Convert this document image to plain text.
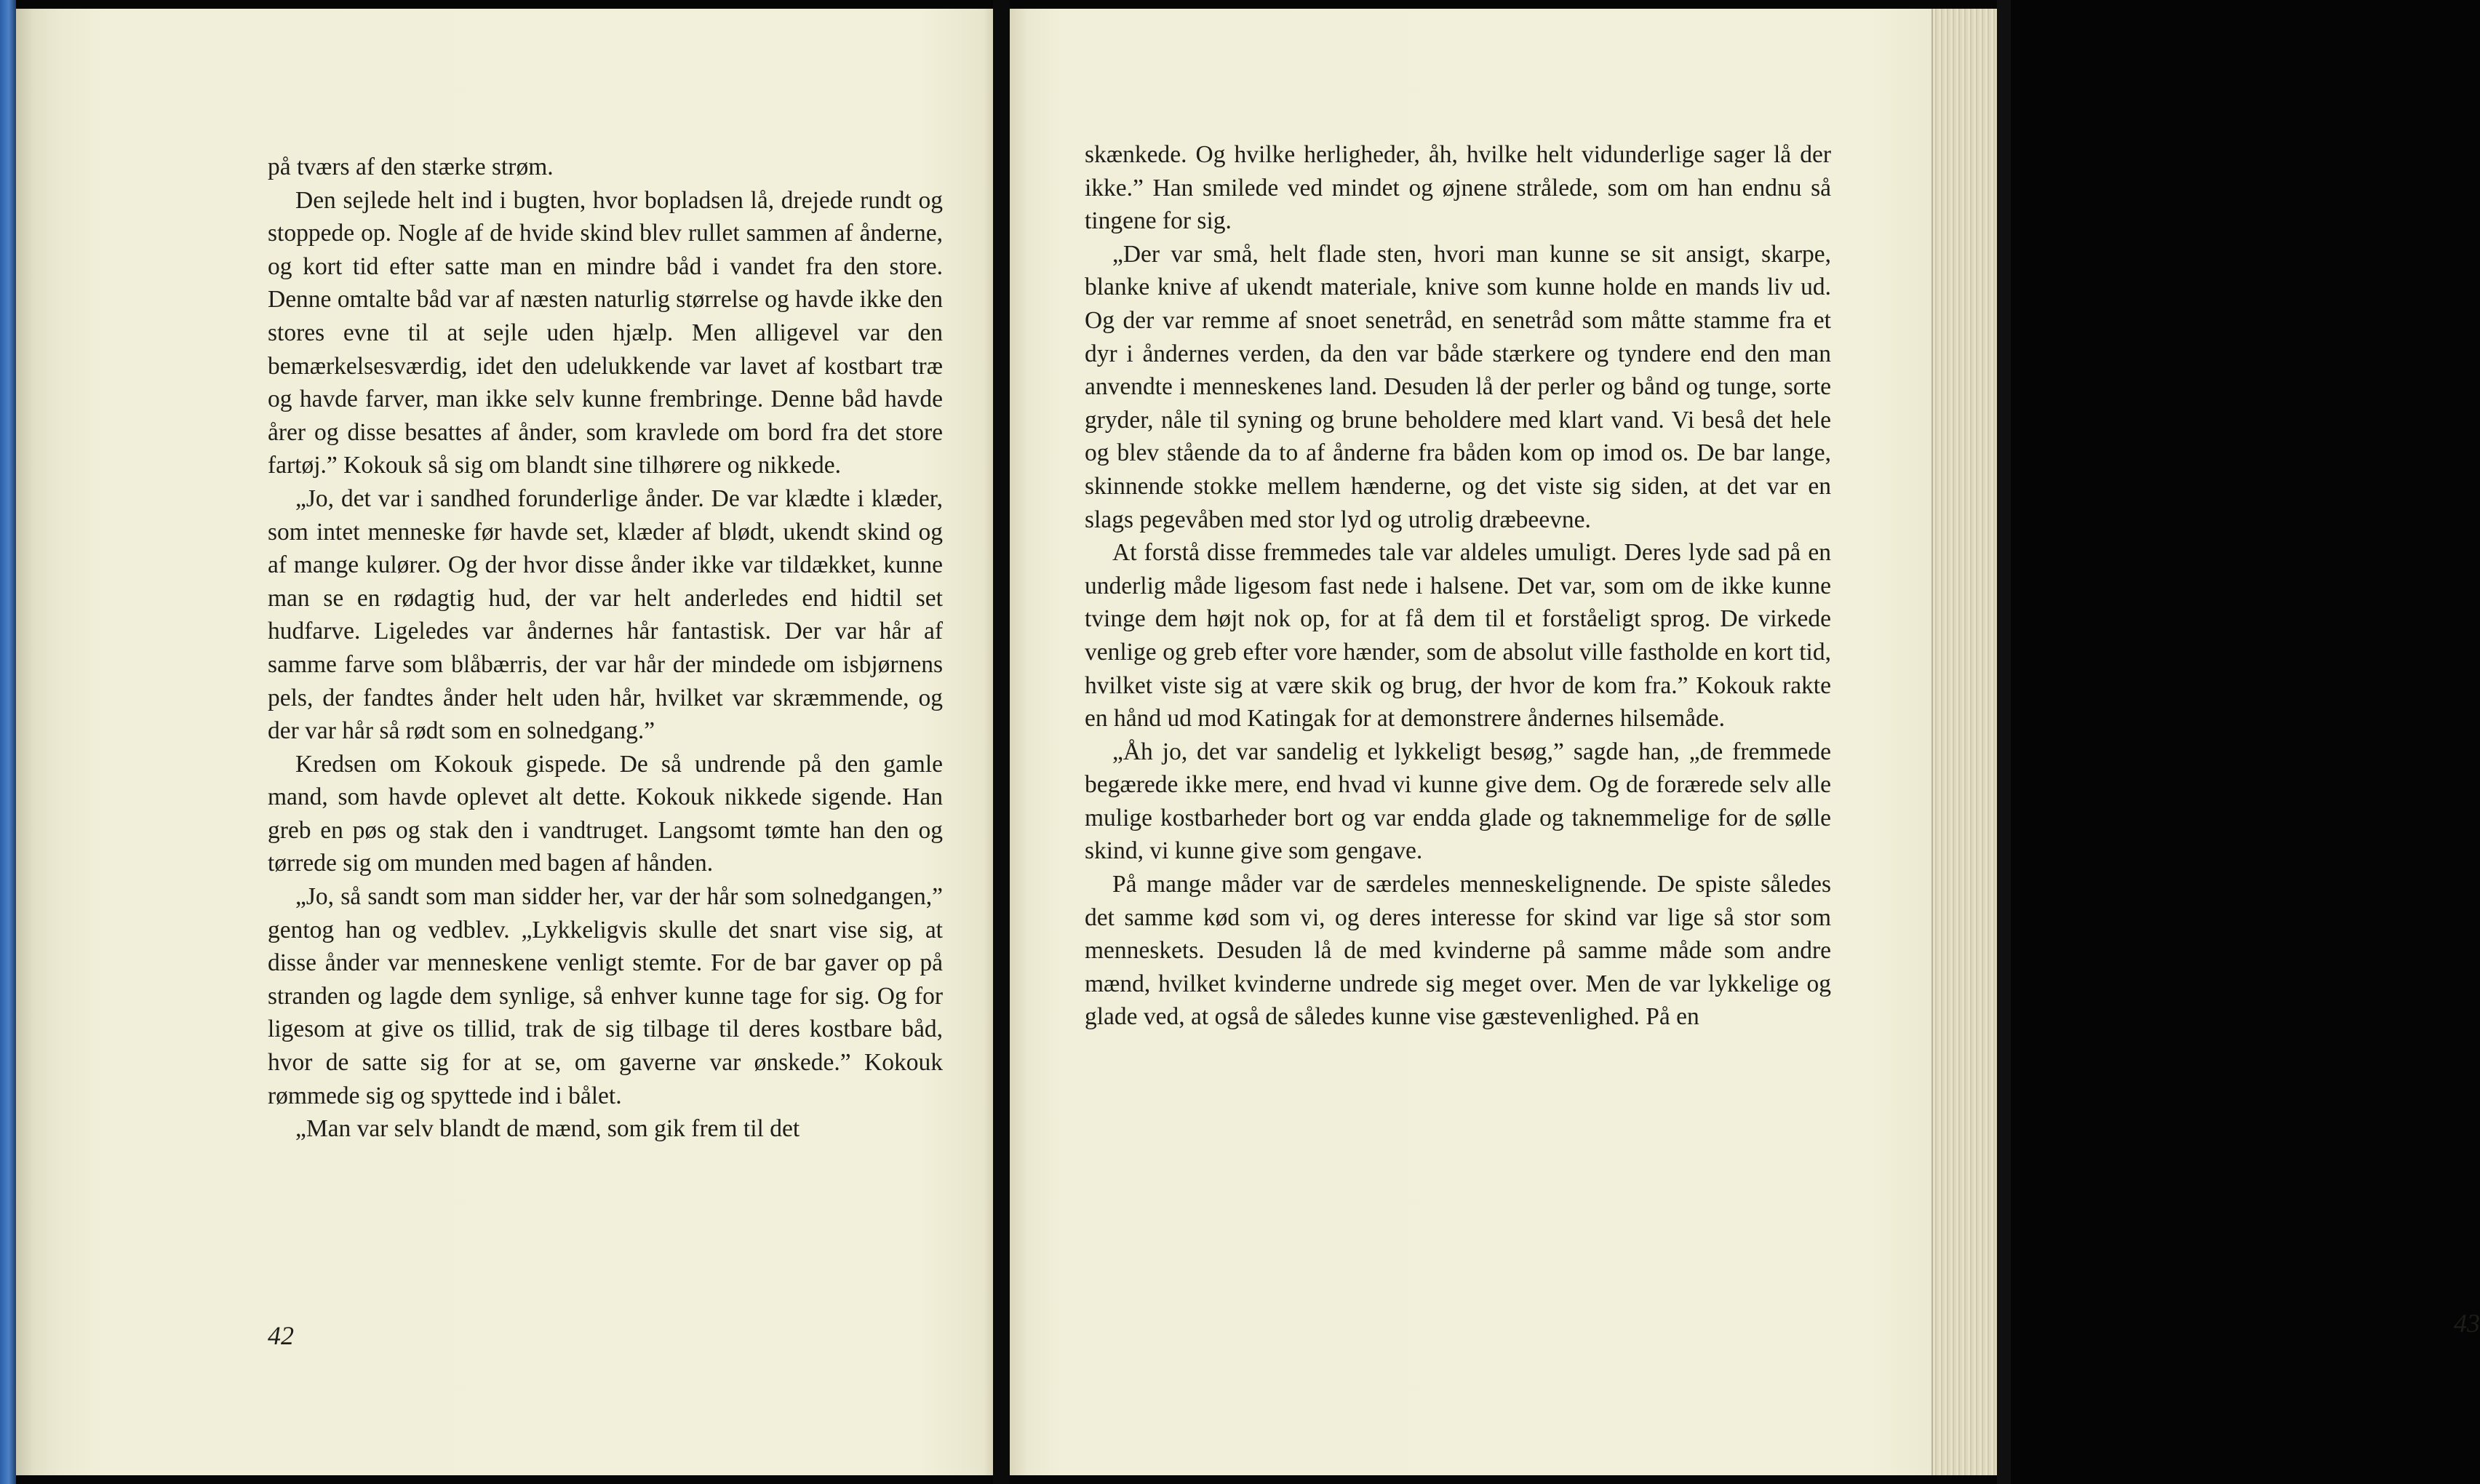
på tværs af den stærke strøm.

Den sejlede helt ind i bugten, hvor bopladsen lå, drejede rundt og stoppede op. Nogle af de hvide skind blev rullet sammen af ånderne, og kort tid efter satte man en mindre båd i vandet fra den store. Denne omtalte båd var af næsten naturlig størrelse og havde ikke den stores evne til at sejle uden hjælp. Men alligevel var den bemærkelsesværdig, idet den udelukkende var lavet af kostbart træ og havde farver, man ikke selv kunne frembringe. Denne båd havde årer og disse besattes af ånder, som kravlede om bord fra det store fartøj.” Kokouk så sig om blandt sine tilhørere og nikkede.

„Jo, det var i sandhed forunderlige ånder. De var klædte i klæder, som intet menneske før havde set, klæder af blødt, ukendt skind og af mange kulører. Og der hvor disse ånder ikke var tildækket, kunne man se en rødagtig hud, der var helt anderledes end hidtil set hudfarve. Ligeledes var åndernes hår fantastisk. Der var hår af samme farve som blåbærris, der var hår der mindede om isbjørnens pels, der fandtes ånder helt uden hår, hvilket var skræmmende, og der var hår så rødt som en solnedgang.”

Kredsen om Kokouk gispede. De så undrende på den gamle mand, som havde oplevet alt dette. Kokouk nikkede sigende. Han greb en pøs og stak den i vandtruget. Langsomt tømte han den og tørrede sig om munden med bagen af hånden.

„Jo, så sandt som man sidder her, var der hår som solnedgangen,” gentog han og vedblev. „Lykkeligvis skulle det snart vise sig, at disse ånder var menneskene venligt stemte. For de bar gaver op på stranden og lagde dem synlige, så enhver kunne tage for sig. Og for ligesom at give os tillid, trak de sig tilbage til deres kostbare båd, hvor de satte sig for at se, om gaverne var ønskede.” Kokouk rømmede sig og spyttede ind i bålet.

„Man var selv blandt de mænd, som gik frem til det

42

skænkede. Og hvilke herligheder, åh, hvilke helt vidunderlige sager lå der ikke.” Han smilede ved mindet og øjnene strålede, som om han endnu så tingene for sig.

„Der var små, helt flade sten, hvori man kunne se sit ansigt, skarpe, blanke knive af ukendt materiale, knive som kunne holde en mands liv ud. Og der var remme af snoet senetråd, en senetråd som måtte stamme fra et dyr i åndernes verden, da den var både stærkere og tyndere end den man anvendte i menneskenes land. Desuden lå der perler og bånd og tunge, sorte gryder, nåle til syning og brune beholdere med klart vand. Vi beså det hele og blev stående da to af ånderne fra båden kom op imod os. De bar lange, skinnende stokke mellem hænderne, og det viste sig siden, at det var en slags pegevåben med stor lyd og utrolig dræbeevne.

At forstå disse fremmedes tale var aldeles umuligt. Deres lyde sad på en underlig måde ligesom fast nede i halsene. Det var, som om de ikke kunne tvinge dem højt nok op, for at få dem til et forståeligt sprog. De virkede venlige og greb efter vore hænder, som de absolut ville fastholde en kort tid, hvilket viste sig at være skik og brug, der hvor de kom fra.” Kokouk rakte en hånd ud mod Katingak for at demonstrere åndernes hilsemåde.

„Åh jo, det var sandelig et lykkeligt besøg,” sagde han, „de fremmede begærede ikke mere, end hvad vi kunne give dem. Og de forærede selv alle mulige kostbarheder bort og var endda glade og taknemmelige for de sølle skind, vi kunne give som gengave.

På mange måder var de særdeles menneskelignende. De spiste således det samme kød som vi, og deres interesse for skind var lige så stor som menneskets. Desuden lå de med kvinderne på samme måde som andre mænd, hvilket kvinderne undrede sig meget over. Men de var lykkelige og glade ved, at også de således kunne vise gæstevenlighed. På en

43
